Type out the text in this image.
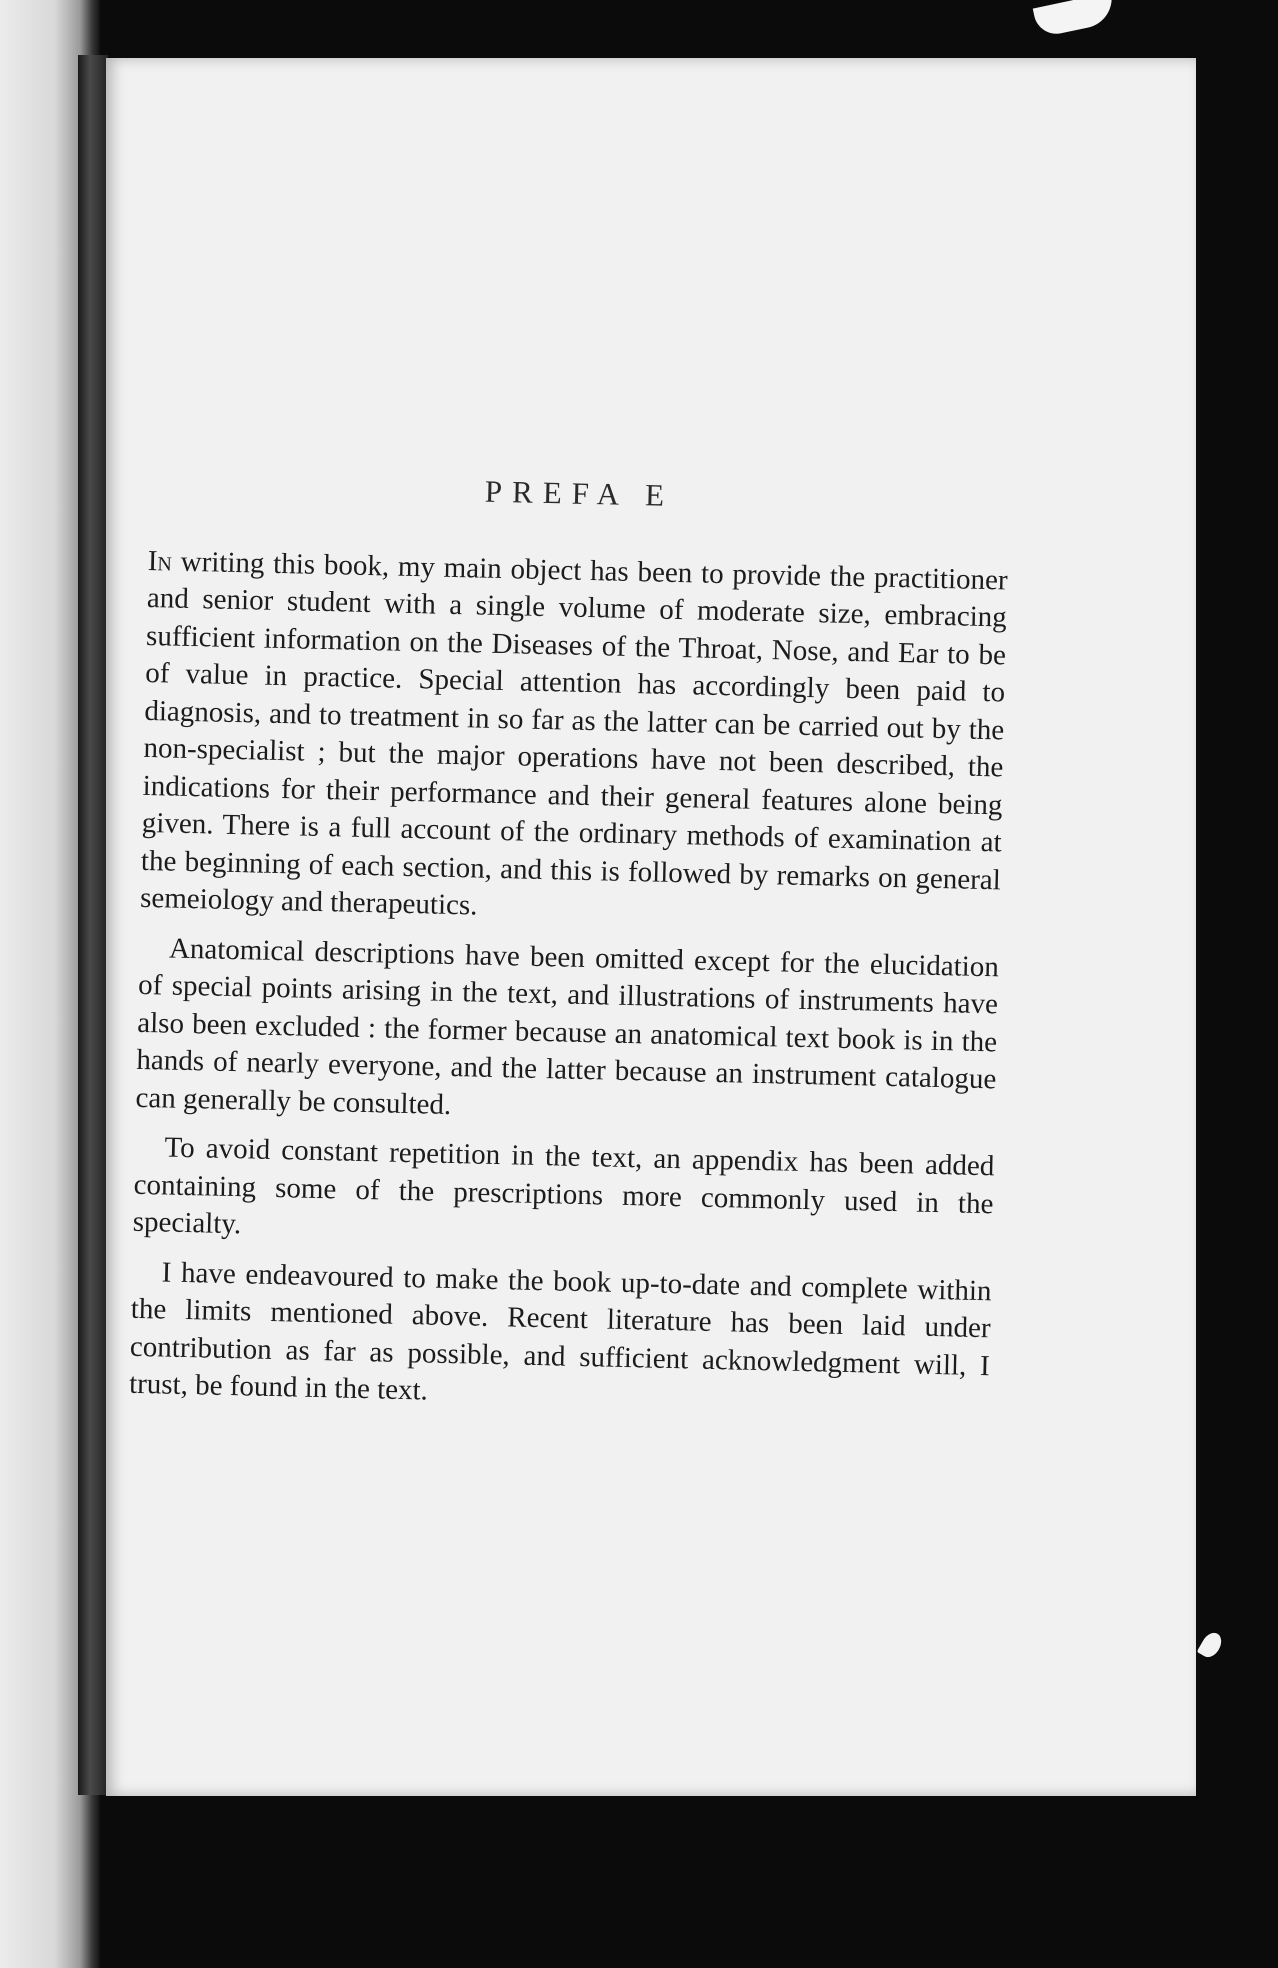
PREFA E

In writing this book, my main object has been to provide the practitioner and senior student with a single volume of moderate size, embracing sufficient information on the Diseases of the Throat, Nose, and Ear to be of value in practice. Special attention has accordingly been paid to diagnosis, and to treatment in so far as the latter can be carried out by the non-specialist ; but the major operations have not been described, the indications for their performance and their general features alone being given. There is a full account of the ordinary methods of examination at the beginning of each section, and this is followed by remarks on general semeiology and therapeutics.

Anatomical descriptions have been omitted except for the elucidation of special points arising in the text, and illustrations of instruments have also been excluded : the former because an anatomical text book is in the hands of nearly everyone, and the latter because an instrument catalogue can generally be consulted.

To avoid constant repetition in the text, an appendix has been added containing some of the prescriptions more commonly used in the specialty.

I have endeavoured to make the book up-to-date and complete within the limits mentioned above. Recent literature has been laid under contribution as far as possible, and sufficient acknowledgment will, I trust, be found in the text.
